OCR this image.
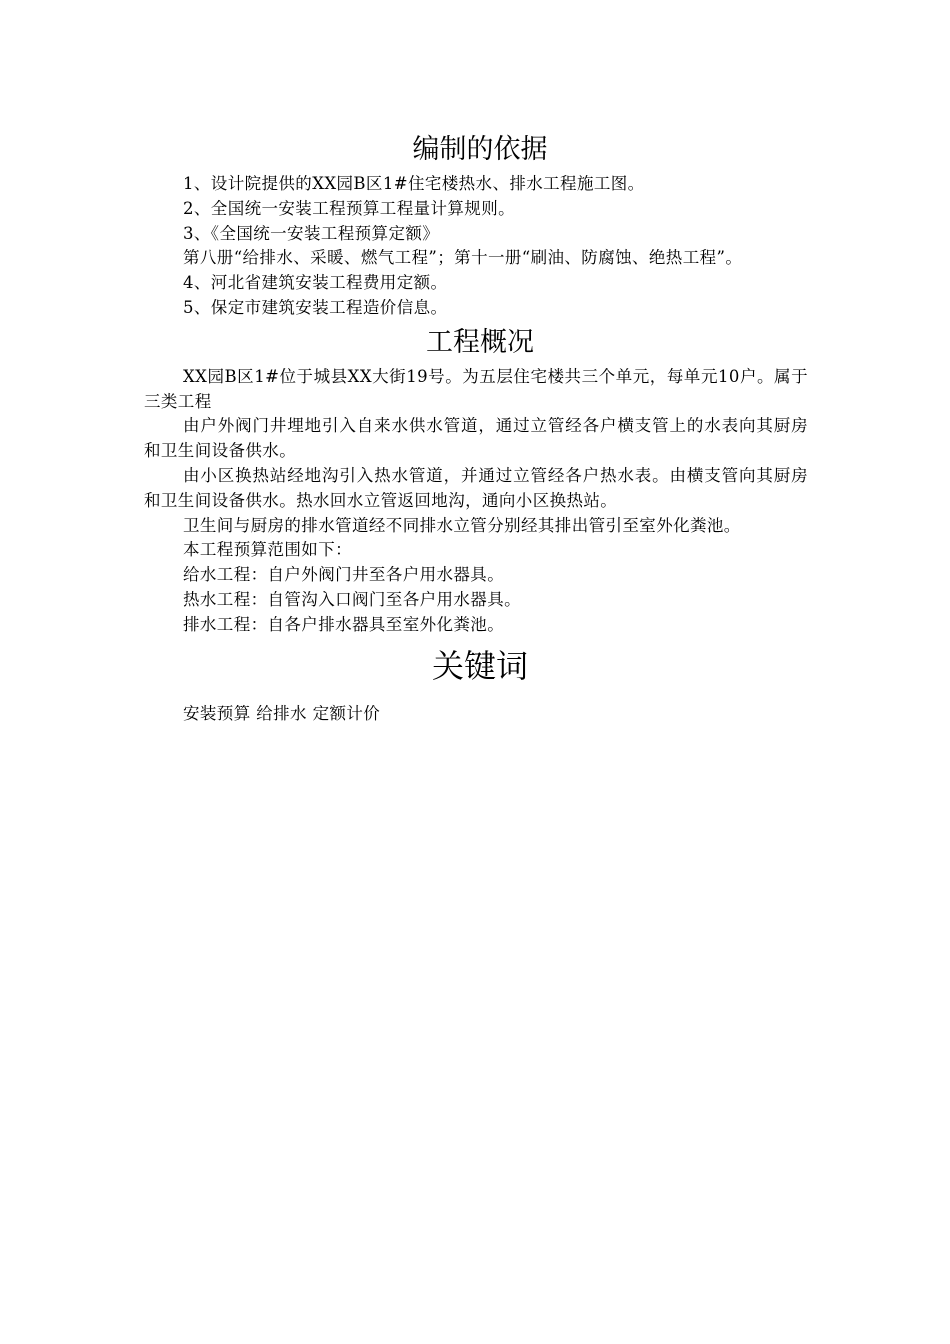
编制的依据

1、设计院提供的XX园B区1#住宅楼热水、排水工程施工图。

2、全国统一安装工程预算工程量计算规则。

3、《全国统一安装工程预算定额》

第八册“给排水、采暖、燃气工程”；第十一册“刷油、防腐蚀、绝热工程”。

4、河北省建筑安装工程费用定额。

5、保定市建筑安装工程造价信息。

工程概况

XX园B区1#位于城县XX大街19号。为五层住宅楼共三个单元，每单元10户。属于三类工程

由户外阀门井埋地引入自来水供水管道，通过立管经各户横支管上的水表向其厨房和卫生间设备供水。

由小区换热站经地沟引入热水管道，并通过立管经各户热水表。由横支管向其厨房和卫生间设备供水。热水回水立管返回地沟，通向小区换热站。

卫生间与厨房的排水管道经不同排水立管分别经其排出管引至室外化粪池。

本工程预算范围如下：

给水工程：自户外阀门井至各户用水器具。

热水工程：自管沟入口阀门至各户用水器具。

排水工程：自各户排水器具至室外化粪池。

关键词

安装预算 给排水 定额计价
